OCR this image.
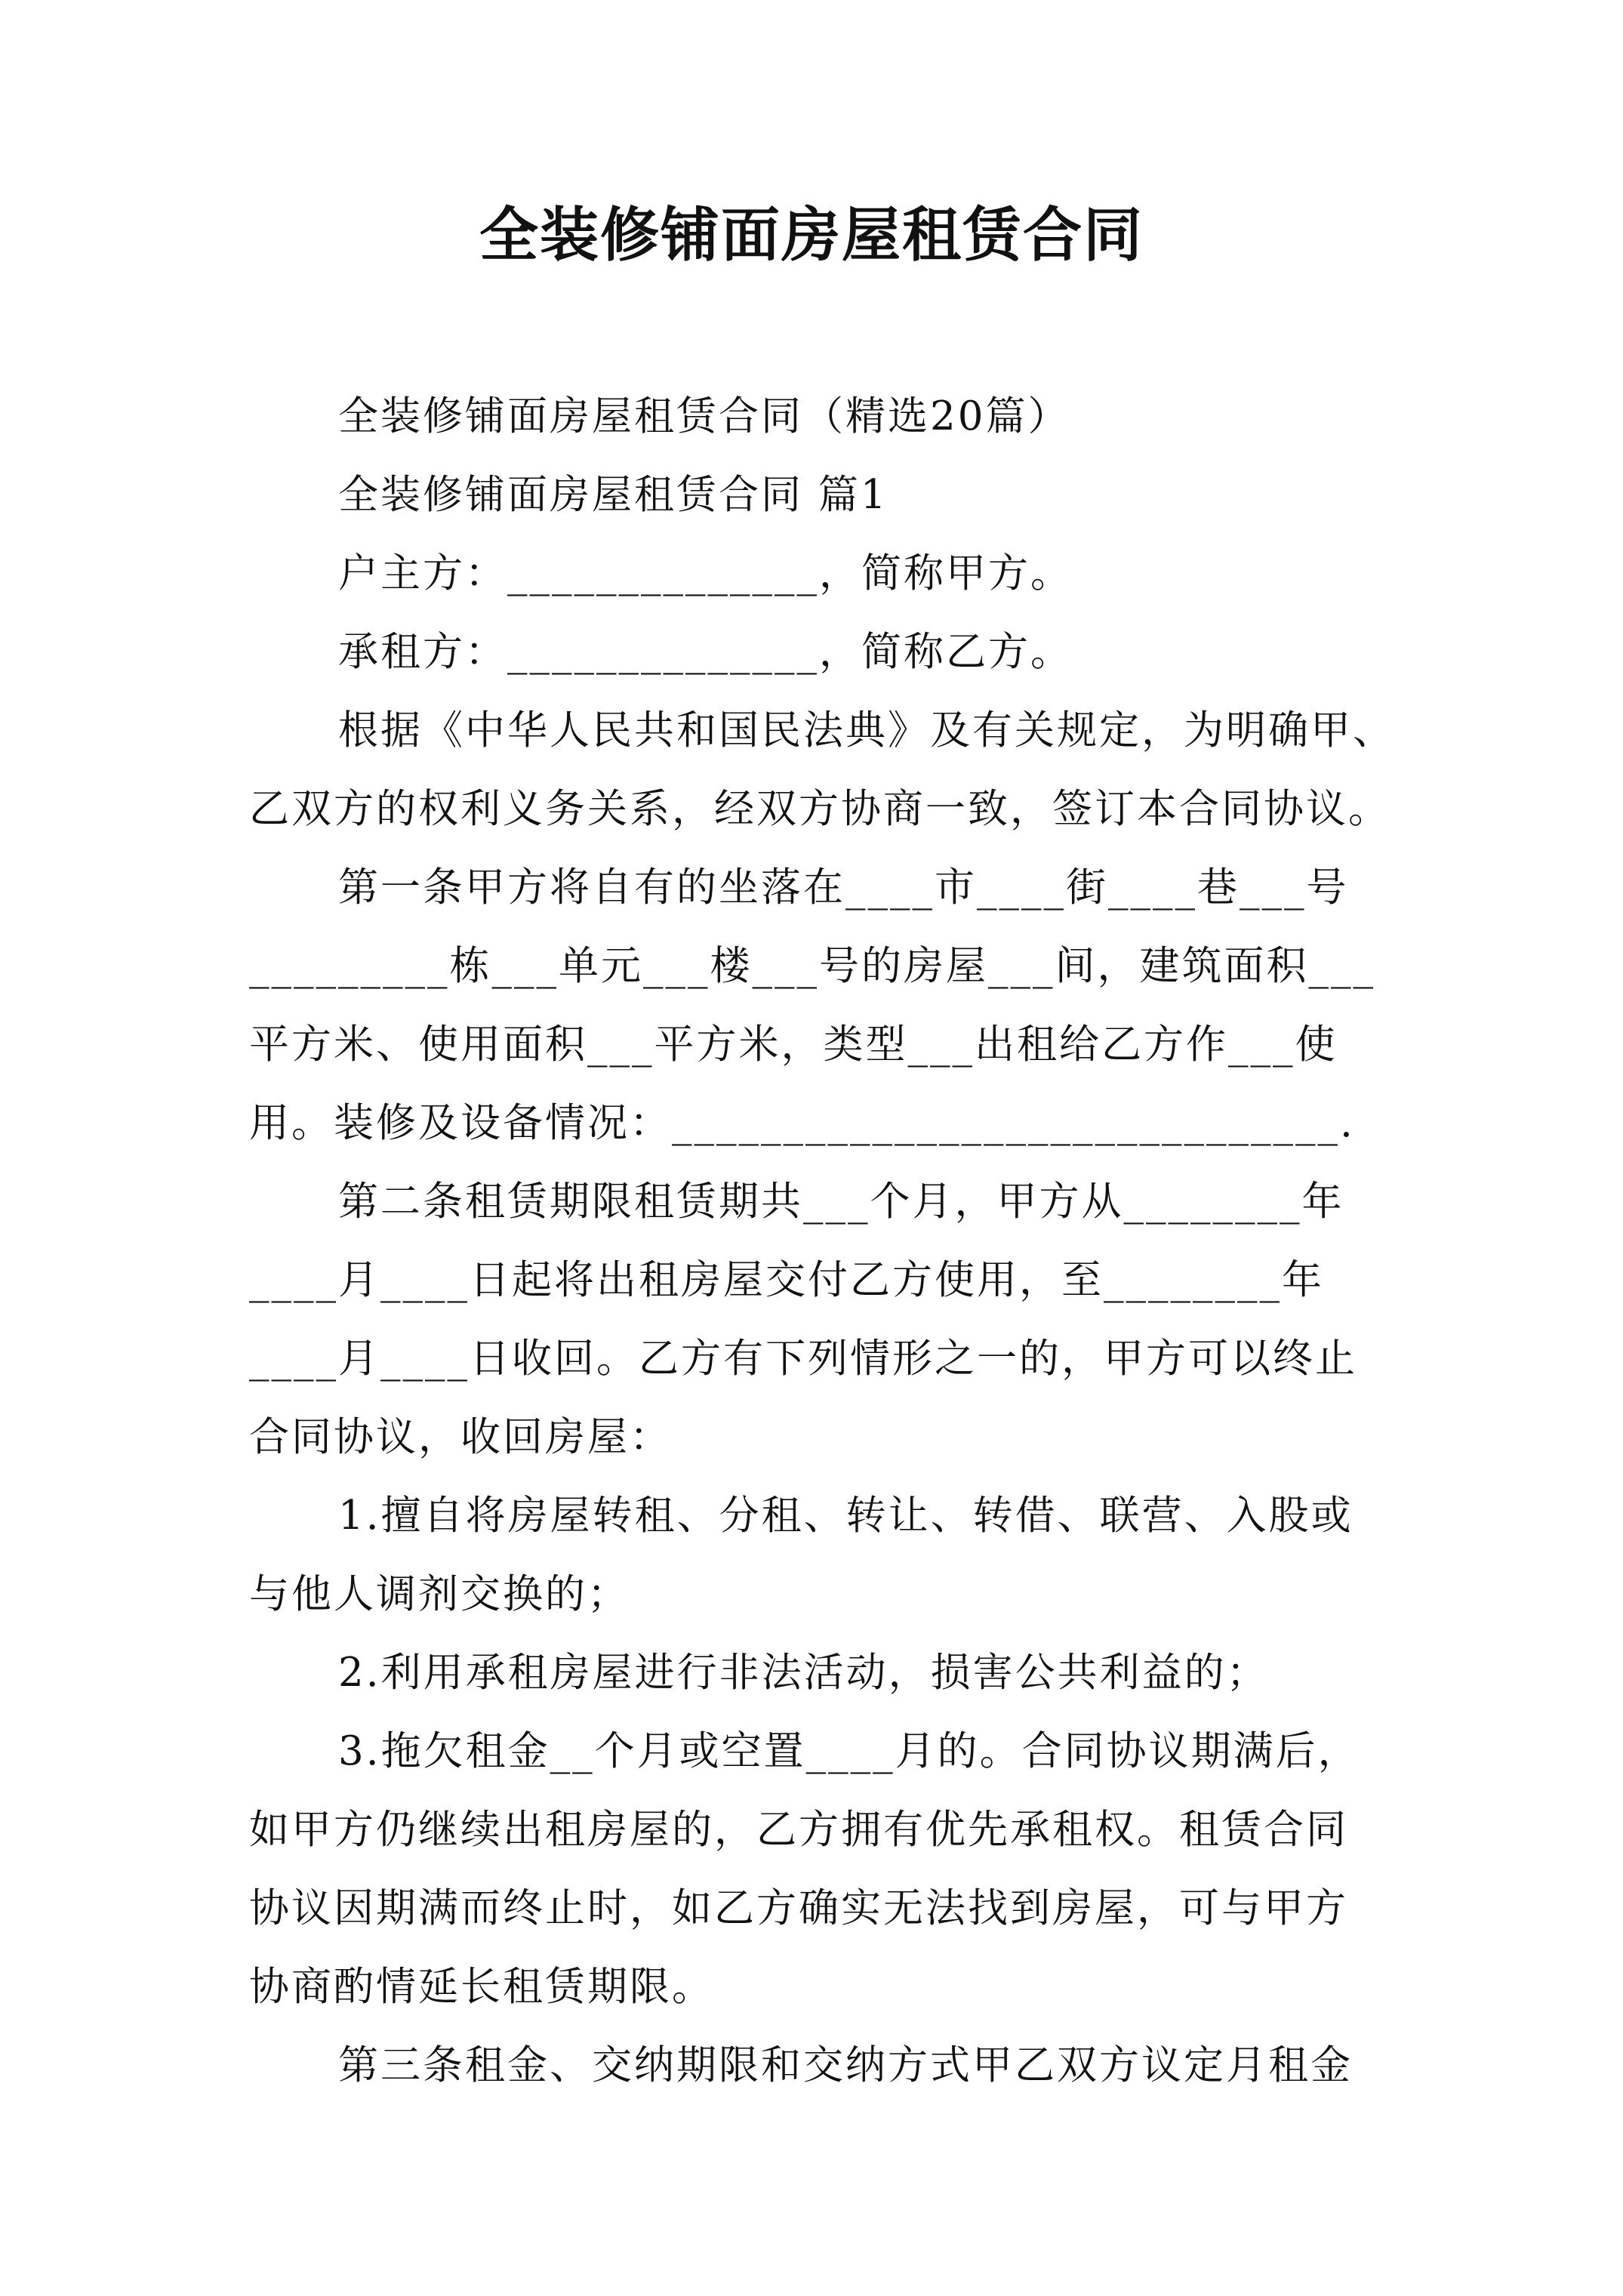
全装修铺面房屋租赁合同
全装修铺面房屋租赁合同（精选20篇）
全装修铺面房屋租赁合同 篇1
户主方：______________，简称甲方。
承租方：______________，简称乙方。
根据《中华人民共和国民法典》及有关规定，为明确甲、
乙双方的权利义务关系，经双方协商一致，签订本合同协议。
第一条甲方将自有的坐落在____市____街____巷___号
_________栋___单元___楼___号的房屋___间，建筑面积___
平方米、使用面积___平方米，类型___出租给乙方作___使
用。装修及设备情况：______________________________.
第二条租赁期限租赁期共___个月，甲方从________年
____月____日起将出租房屋交付乙方使用，至________年
____月____日收回。乙方有下列情形之一的，甲方可以终止
合同协议，收回房屋：
1.擅自将房屋转租、分租、转让、转借、联营、入股或
与他人调剂交换的；
2.利用承租房屋进行非法活动，损害公共利益的；
3.拖欠租金__个月或空置____月的。合同协议期满后，
如甲方仍继续出租房屋的，乙方拥有优先承租权。租赁合同
协议因期满而终止时，如乙方确实无法找到房屋，可与甲方
协商酌情延长租赁期限。
第三条租金、交纳期限和交纳方式甲乙双方议定月租金
